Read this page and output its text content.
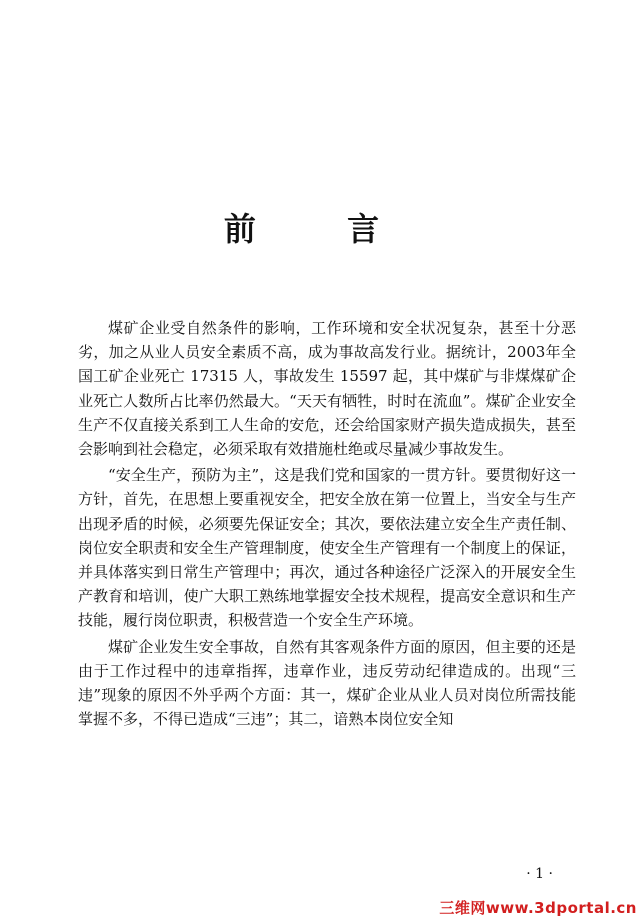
前 言

煤矿企业受自然条件的影响，工作环境和安全状况复杂，甚至十分恶劣，加之从业人员安全素质不高，成为事故高发行业。据统计，2003年全国工矿企业死亡 17315 人，事故发生 15597 起，其中煤矿与非煤煤矿企业死亡人数所占比率仍然最大。“天天有牺牲，时时在流血”。煤矿企业安全生产不仅直接关系到工人生命的安危，还会给国家财产损失造成损失，甚至会影响到社会稳定，必须采取有效措施杜绝或尽量减少事故发生。

“安全生产，预防为主”，这是我们党和国家的一贯方针。要贯彻好这一方针，首先，在思想上要重视安全，把安全放在第一位置上，当安全与生产出现矛盾的时候，必须要先保证安全；其次，要依法建立安全生产责任制、岗位安全职责和安全生产管理制度，使安全生产管理有一个制度上的保证，并具体落实到日常生产管理中；再次，通过各种途径广泛深入的开展安全生产教育和培训，使广大职工熟练地掌握安全技术规程，提高安全意识和生产技能，履行岗位职责，积极营造一个安全生产环境。

煤矿企业发生安全事故，自然有其客观条件方面的原因，但主要的还是由于工作过程中的违章指挥，违章作业，违反劳动纪律造成的。出现“三违”现象的原因不外乎两个方面：其一，煤矿企业从业人员对岗位所需技能掌握不多，不得已造成“三违”；其二，谙熟本岗位安全知

· 1 ·
三维网www.3dportal.cn
